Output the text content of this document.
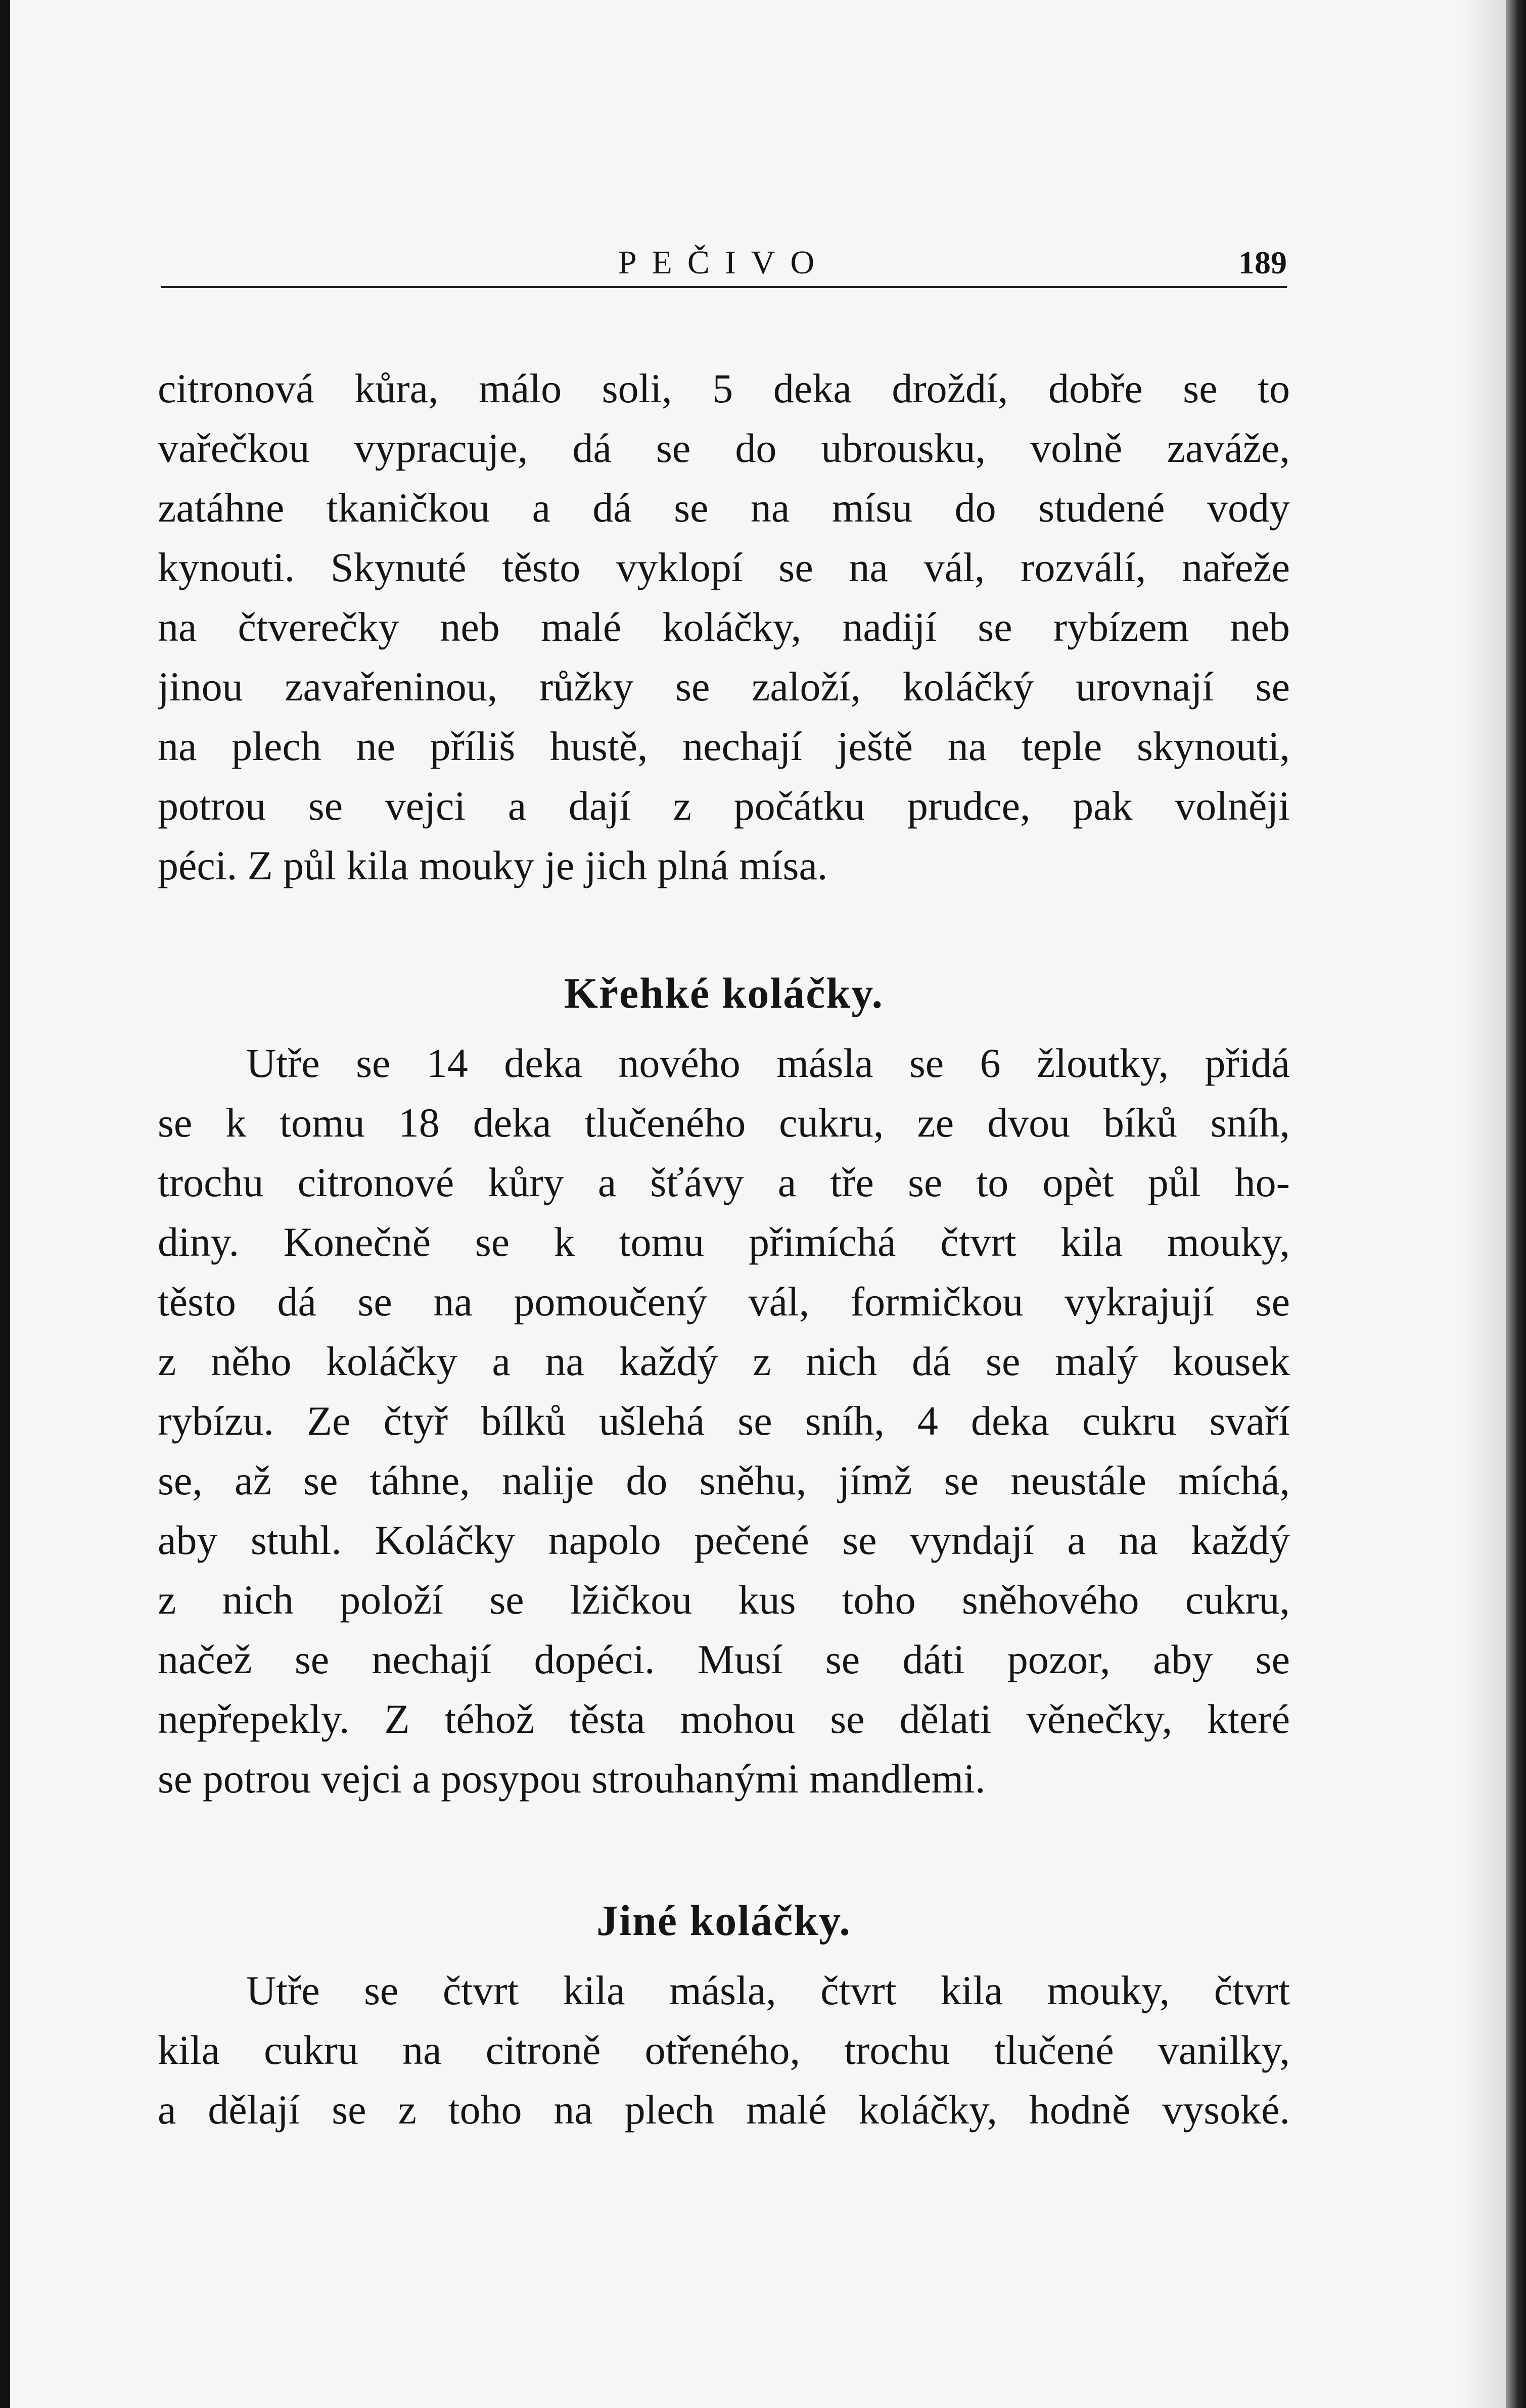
PEČIVO	189
citronová kůra, málo soli, 5 deka droždí, dobře se to
vařečkou vypracuje, dá se do ubrousku, volně zaváže,
zatáhne tkaničkou a dá se na mísu do studené vody
kynouti. Skynuté těsto vyklopí se na vál, rozválí, nařeže
na čtverečky neb malé koláčky, nadijí se rybízem neb
jinou zavařeninou, růžky se založí, koláčký urovnají se
na plech ne příliš hustě, nechají ještě na teple skynouti,
potrou se vejci a dají z počátku prudce, pak volněji
péci. Z půl kila mouky je jich plná mísa.
Křehké koláčky.
Utře se 14 deka nového másla se 6 žloutky, přidá
se k tomu 18 deka tlučeného cukru, ze dvou bíků sníh,
trochu citronové kůry a šťávy a tře se to opèt půl ho-
diny. Konečně se k tomu přimíchá čtvrt kila mouky,
těsto dá se na pomoučený vál, formičkou vykrajují se
z něho koláčky a na každý z nich dá se malý kousek
rybízu. Ze čtyř bílků ušlehá se sníh, 4 deka cukru svaří
se, až se táhne, nalije do sněhu, jímž se neustále míchá,
aby stuhl. Koláčky napolo pečené se vyndají a na každý
z nich položí se lžičkou kus toho sněhového cukru,
načež se nechají dopéci. Musí se dáti pozor, aby se
nepřepekly. Z téhož těsta mohou se dělati věnečky, které
se potrou vejci a posypou strouhanými mandlemi.
Jiné koláčky.
Utře se čtvrt kila másla, čtvrt kila mouky, čtvrt
kila cukru na citroně otřeného, trochu tlučené vanilky,
a dělají se z toho na plech malé koláčky, hodně vysoké.
